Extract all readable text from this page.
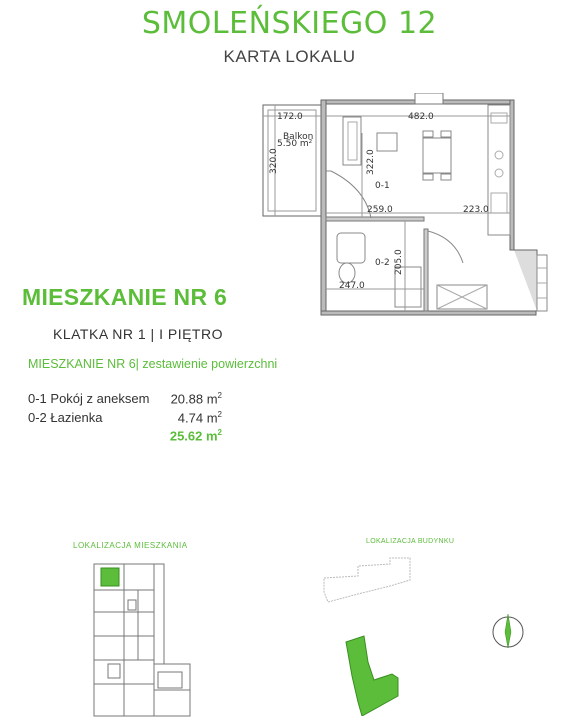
SMOLEŃSKIEGO 12
KARTA LOKALU
172.0	482.0
Balkon
5.50 m²
320.0	322.0
0-1
259.0	223.0
0-2 205.0
247.0
MIESZKANIE NR 6
KLATKA NR 1 | I PIĘTRO
MIESZKANIE NR 6| zestawienie powierzchni
0-1 Pokój z aneksem	20.88 $m^2$
0-2 Łazienka	4.74 $m^2$
25.62 $m^2$
LOKALIZACJA MIESZKANIA	LOKALIZACJA BUDYNKU
